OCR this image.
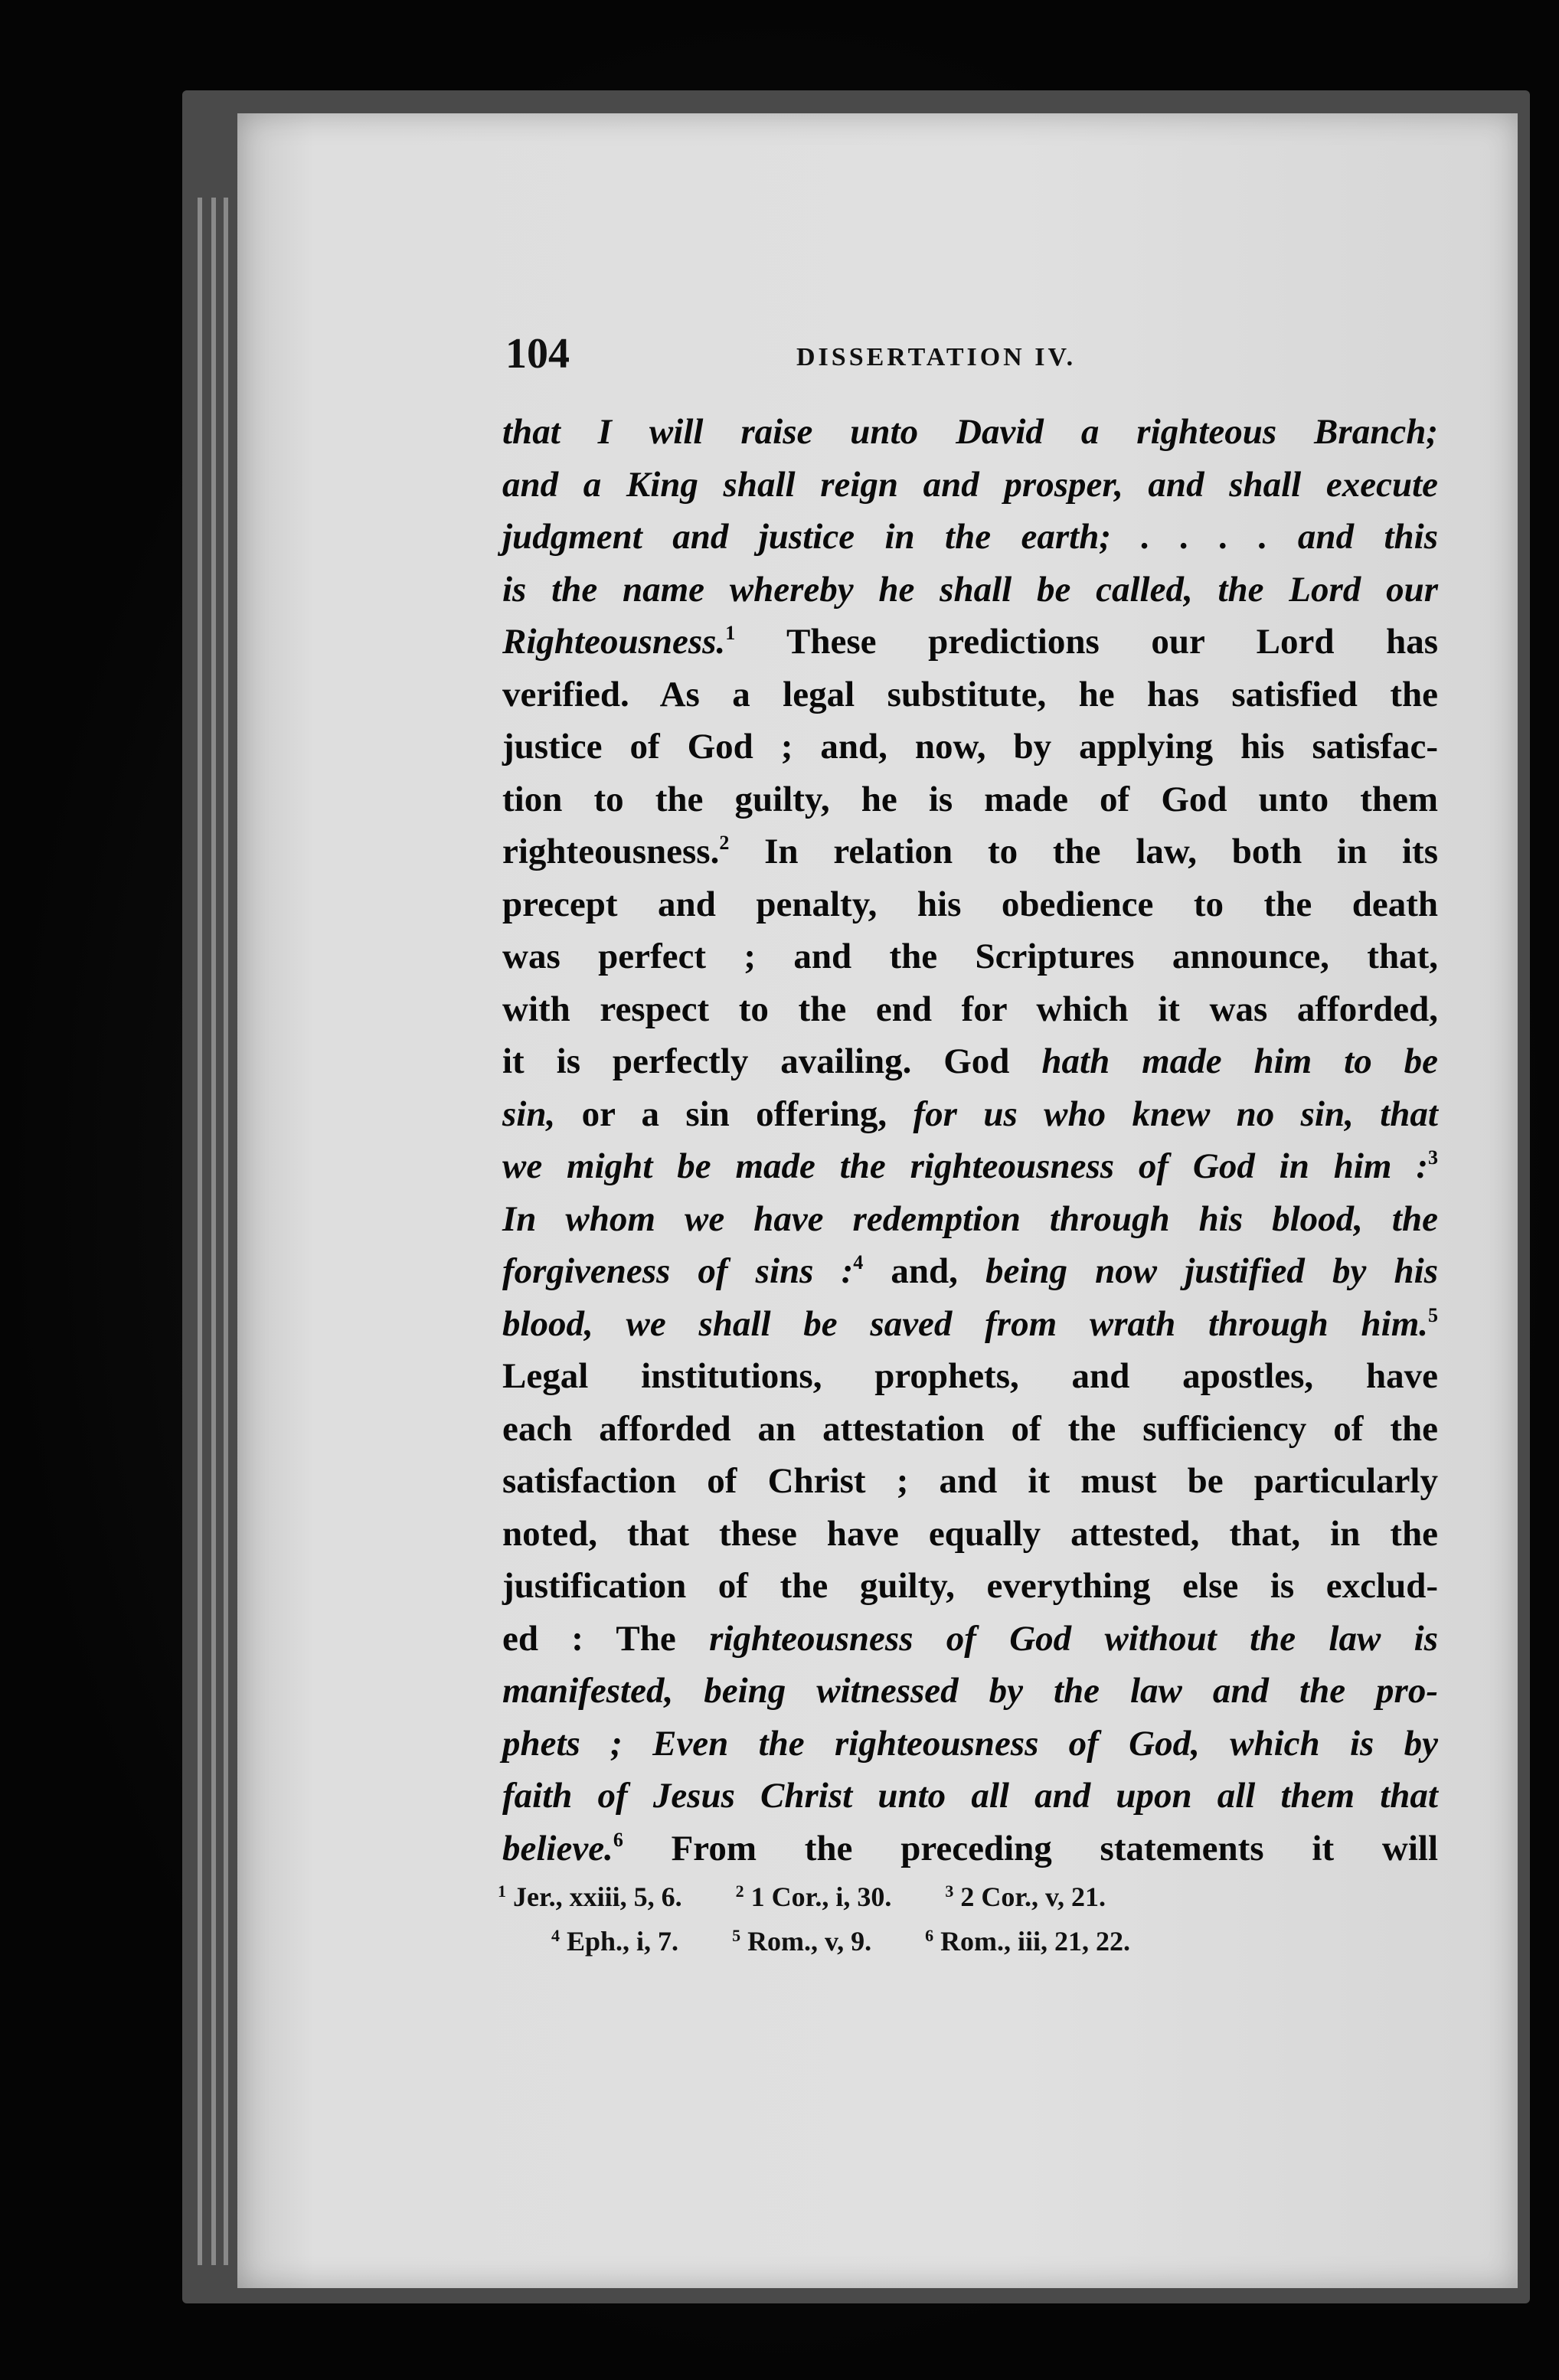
104	DISSERTATION IV.
that I will raise unto David a righteous Branch;
and a King shall reign and prosper, and shall execute
judgment and justice in the earth; . . . . and this
is the name whereby he shall be called, the Lord our
Righteousness.$^1$ These predictions our Lord has
verified. As a legal substitute, he has satisfied the
justice of God ; and, now, by applying his satisfac-
tion to the guilty, he is made of God unto them
righteousness.$^2$ In relation to the law, both in its
precept and penalty, his obedience to the death
was perfect ; and the Scriptures announce, that,
with respect to the end for which it was afforded,
it is perfectly availing. God hath made him to be
sin, or a sin offering, for us who knew no sin, that
we might be made the righteousness of God in him :$^3$
In whom we have redemption through his blood, the
forgiveness of sins :$^4$ and, being now justified by his
blood, we shall be saved from wrath through him.$^5$
Legal institutions, prophets, and apostles, have
each afforded an attestation of the sufficiency of the
satisfaction of Christ ; and it must be particularly
noted, that these have equally attested, that, in the
justification of the guilty, everything else is exclud-
ed : The righteousness of God without the law is
manifested, being witnessed by the law and the pro-
phets ; Even the righteousness of God, which is by
faith of Jesus Christ unto all and upon all them that
believe.$^6$ From the preceding statements it will
$^1$ Jer., xxiii, 5, 6.	$^2$ 1 Cor., i, 30.	$^3$ 2 Cor., v, 21.
$^4$ Eph., i, 7.	$^5$ Rom., v, 9.	$^6$ Rom., iii, 21, 22.
